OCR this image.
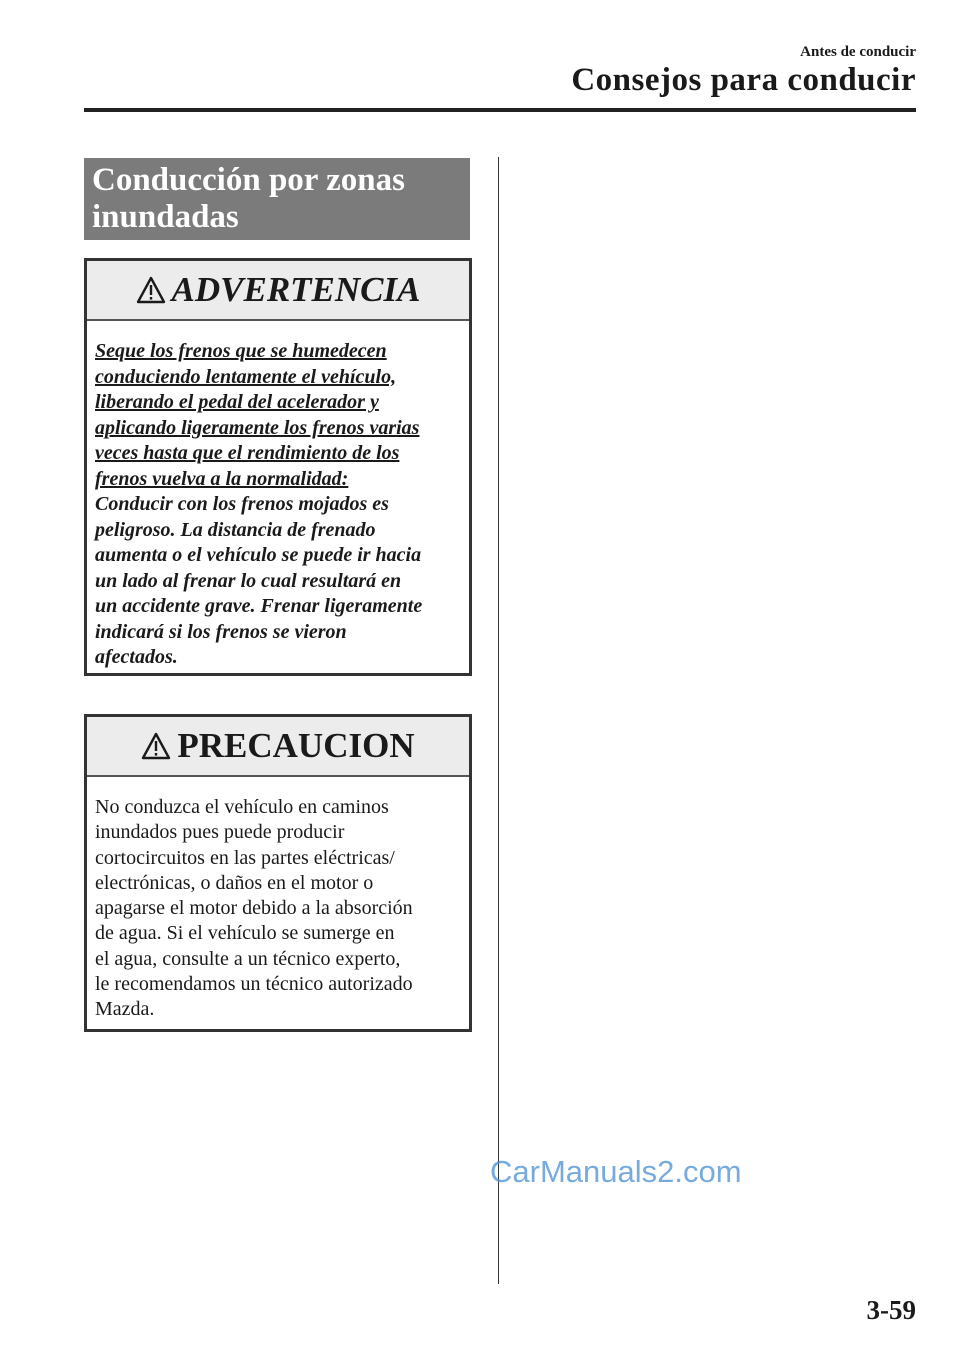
Antes de conducir
Consejos para conducir
Conducción por zonas
inundadas
ADVERTENCIA

Seque los frenos que se humedecen

conduciendo lentamente el vehículo,

liberando el pedal del acelerador y

aplicando ligeramente los frenos varias

veces hasta que el rendimiento de los

frenos vuelva a la normalidad:

Conducir con los frenos mojados es

peligroso. La distancia de frenado

aumenta o el vehículo se puede ir hacia

un lado al frenar lo cual resultará en

un accidente grave. Frenar ligeramente

indicará si los frenos se vieron

afectados.

PRECAUCION

No conduzca el vehículo en caminos

inundados pues puede producir

cortocircuitos en las partes eléctricas/

electrónicas, o daños en el motor o

apagarse el motor debido a la absorción

de agua. Si el vehículo se sumerge en

el agua, consulte a un técnico experto,

le recomendamos un técnico autorizado

Mazda.

CarManuals2.com
3-59
